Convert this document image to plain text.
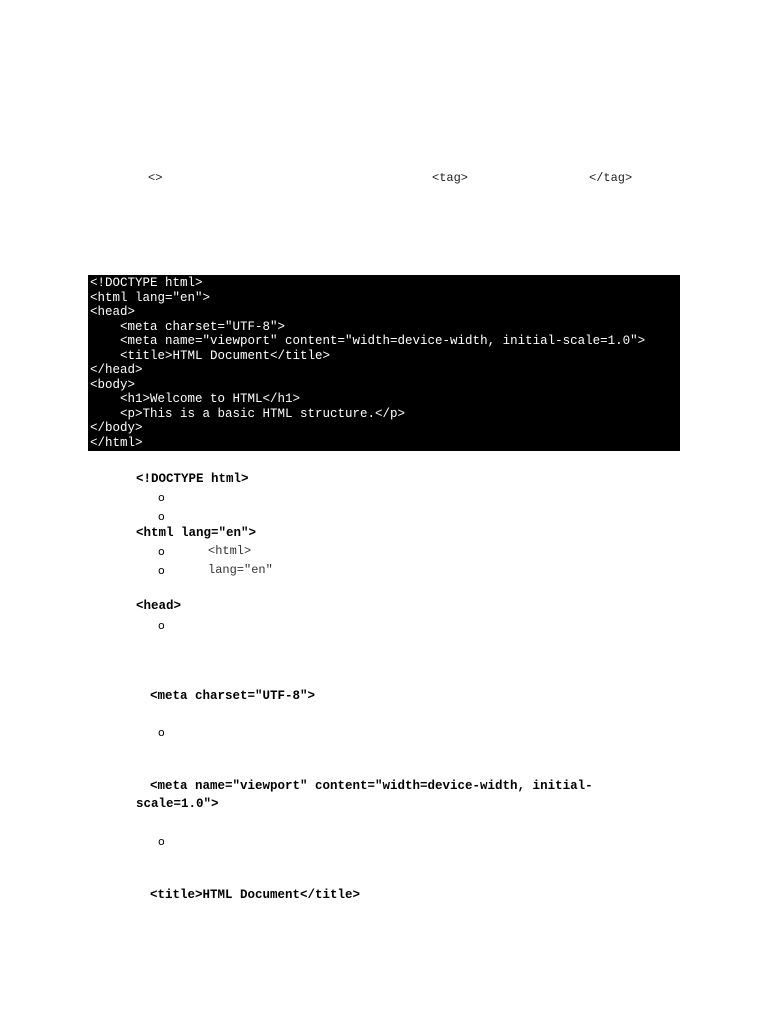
<>	<tag>	</tag>
<!DOCTYPE html>
<html lang="en">
<head>
<meta charset="UTF-8">
<meta name="viewport" content="width=device-width, initial-scale=1.0">
<title>HTML Document</title>
</head>
<body>
<h1>Welcome to HTML</h1>
<p>This is a basic HTML structure.</p>
</body>
</html>
<!DOCTYPE html>
o
o
<html lang="en">
o	<html>
o	lang="en"
<head>
o
<meta charset="UTF-8">
o
<meta name="viewport" content="width=device-width, initial-
scale=1.0">
o
<title>HTML Document</title>
